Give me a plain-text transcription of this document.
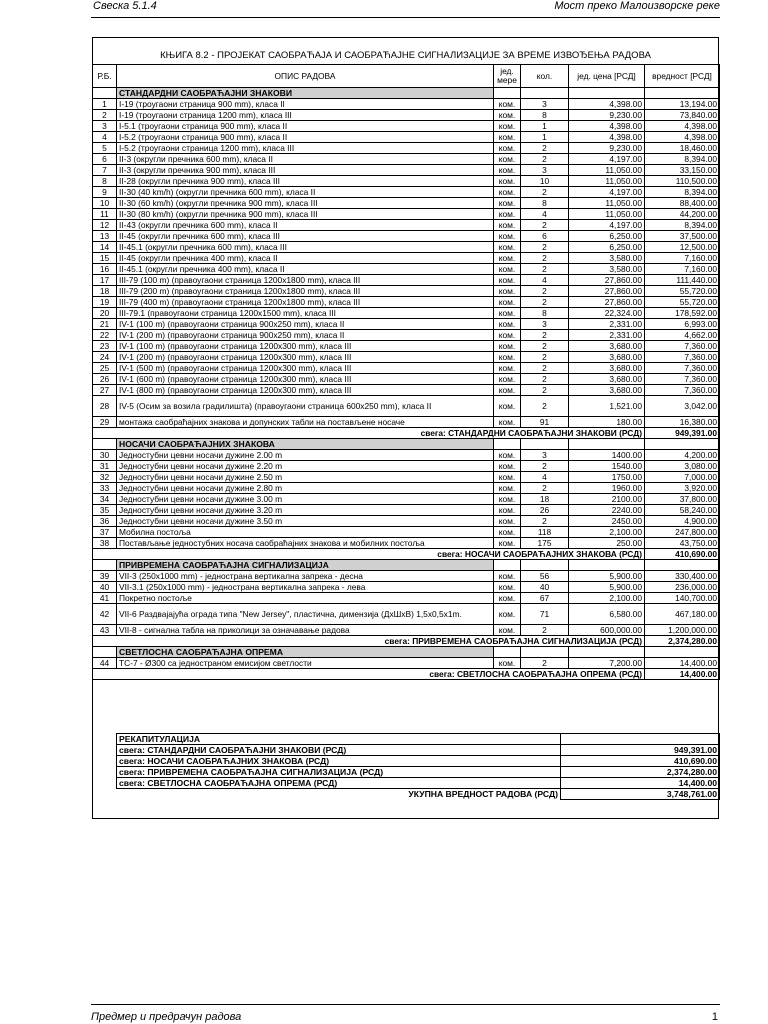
Свеска 5.1.4	Мост преко Малоизворске реке
КЊИГА 8.2 - ПРОЈЕКАТ САОБРАЋАЈА И САОБРАЋАЈНЕ СИГНАЛИЗАЦИЈЕ ЗА ВРЕМЕ ИЗВОЂЕЊА РАДОВА
Р.Б.	ОПИС РАДОВА	јед. мере	кол.	јед. цена [РСД]	вредност [РСД]
	СТАНДАРДНИ САОБРАЋАЈНИ ЗНАКОВИ				
1	I-19 (троугаони страница 900 mm), класа II	ком.	3	4,398.00	13,194.00
2	I-19 (троугаони страница 1200 mm), класа III	ком.	8	9,230.00	73,840.00
3	I-5.1 (троугаони страница 900 mm), класа II	ком.	1	4,398.00	4,398.00
4	I-5.2 (троугаони страница 900 mm), класа II	ком.	1	4,398.00	4,398.00
5	I-5.2 (троугаони страница 1200 mm), класа III	ком.	2	9,230.00	18,460.00
6	II-3 (округли пречника 600 mm), класа II	ком.	2	4,197.00	8,394.00
7	II-3 (округли пречника 900 mm), класа III	ком.	3	11,050.00	33,150.00
8	II-28 (округли пречника 900 mm), класа III	ком.	10	11,050.00	110,500.00
9	II-30 (40 km/h) (округли пречника 600 mm), класа II	ком.	2	4,197.00	8,394.00
10	II-30 (60 km/h) (округли пречника 900 mm), класа III	ком.	8	11,050.00	88,400.00
11	II-30 (80 km/h) (округли пречника 900 mm), класа III	ком.	4	11,050.00	44,200.00
12	II-43 (округли пречника 600 mm), класа II	ком.	2	4,197.00	8,394.00
13	II-45 (округли пречника 600 mm), класа III	ком.	6	6,250.00	37,500.00
14	II-45.1 (округли пречника 600 mm), класа III	ком.	2	6,250.00	12,500.00
15	II-45 (округли пречника 400 mm), класа II	ком.	2	3,580.00	7,160.00
16	II-45.1 (округли пречника 400 mm), класа II	ком.	2	3,580.00	7,160.00
17	III-79 (100 m) (правоугаони страница 1200x1800 mm), класа III	ком.	4	27,860.00	111,440.00
18	III-79 (200 m) (правоугаони страница 1200x1800 mm), класа III	ком.	2	27,860.00	55,720.00
19	III-79 (400 m) (правоугаони страница 1200x1800 mm), класа III	ком.	2	27,860.00	55,720.00
20	III-79.1 (правоугаони страница 1200x1500 mm), класа III	ком.	8	22,324.00	178,592.00
21	IV-1 (100 m) (правоугаони страница 900x250 mm), класа II	ком.	3	2,331.00	6,993.00
22	IV-1 (200 m) (правоугаони страница 900x250 mm), класа II	ком.	2	2,331.00	4,662.00
23	IV-1 (100 m) (правоугаони страница 1200x300 mm), класа III	ком.	2	3,680.00	7,360.00
24	IV-1 (200 m) (правоугаони страница 1200x300 mm), класа III	ком.	2	3,680.00	7,360.00
25	IV-1 (500 m) (правоугаони страница 1200x300 mm), класа III	ком.	2	3,680.00	7,360.00
26	IV-1 (600 m) (правоугаони страница 1200x300 mm), класа III	ком.	2	3,680.00	7,360.00
27	IV-1 (800 m) (правоугаони страница 1200x300 mm), класа III	ком.	2	3,680.00	7,360.00
28	IV-5 (Осим за возила градилишта) (правоугаони страница 600x250 mm), класа II	ком.	2	1,521.00	3,042.00
29	монтажа саобраћајних знакова и допунских табли на постављене носаче	ком.	91	180.00	16,380.00
свега: СТАНДАРДНИ САОБРАЋАЈНИ ЗНАКОВИ (РСД)					949,391.00
	НОСАЧИ САОБРАЋАЈНИХ ЗНАКОВА				
30	Једностубни цевни носачи дужине 2.00 m	ком.	3	1400.00	4,200.00
31	Једностубни цевни носачи дужине 2.20 m	ком.	2	1540.00	3,080.00
32	Једностубни цевни носачи дужине 2.50 m	ком.	4	1750.00	7,000.00
33	Једностубни цевни носачи дужине 2.80 m	ком.	2	1960.00	3,920.00
34	Једностубни цевни носачи дужине 3.00 m	ком.	18	2100.00	37,800.00
35	Једностубни цевни носачи дужине 3.20 m	ком.	26	2240.00	58,240.00
36	Једностубни цевни носачи дужине 3.50 m	ком.	2	2450.00	4,900.00
37	Мобилна постоља	ком.	118	2,100.00	247,800.00
38	Постављање једностубних носача саобраћајних знакова и мобилних постоља	ком.	175	250.00	43,750.00
свега: НОСАЧИ САОБРАЋАЈНИХ ЗНАКОВА (РСД)					410,690.00
	ПРИВРЕМЕНА САОБРАЋАЈНА СИГНАЛИЗАЦИЈА				
39	VII-3 (250x1000 mm) - једнострана вертикална запрека - десна	ком.	56	5,900.00	330,400.00
40	VII-3.1 (250x1000 mm) - једнострана вертикална запрека - лева	ком.	40	5,900.00	236,000.00
41	Покретно постоље	ком.	67	2,100.00	140,700.00
42	VII-6 Раздвајајућа ограда типа "New Jersey", пластична, димензија (ДxШxВ) 1,5x0,5x1m.	ком.	71	6,580.00	467,180.00
43	VII-8 - сигнална табла на приколици за означавање радова	ком.	2	600,000.00	1,200,000.00
свега: ПРИВРЕМЕНА САОБРАЋАЈНА СИГНАЛИЗАЦИЈА (РСД)					2,374,280.00
	СВЕТЛОСНА САОБРАЋАЈНА ОПРЕМА				
44	TC-7 - Ø300 са једностраном емисијом светлости	ком.	2	7,200.00	14,400.00
свега: СВЕТЛОСНА САОБРАЋАЈНА ОПРЕМА (РСД)					14,400.00
РЕКАПИТУЛАЦИЈА	
свега: СТАНДАРДНИ САОБРАЋАЈНИ ЗНАКОВИ (РСД)	949,391.00
свега: НОСАЧИ САОБРАЋАЈНИХ ЗНАКОВА (РСД)	410,690.00
свега: ПРИВРЕМЕНА САОБРАЋАЈНА СИГНАЛИЗАЦИЈА (РСД)	2,374,280.00
свега: СВЕТЛОСНА САОБРАЋАЈНА ОПРЕМА (РСД)	14,400.00
УКУПНА ВРЕДНОСТ РАДОВА (РСД)	3,748,761.00
Предмер и предрачун радова	1
